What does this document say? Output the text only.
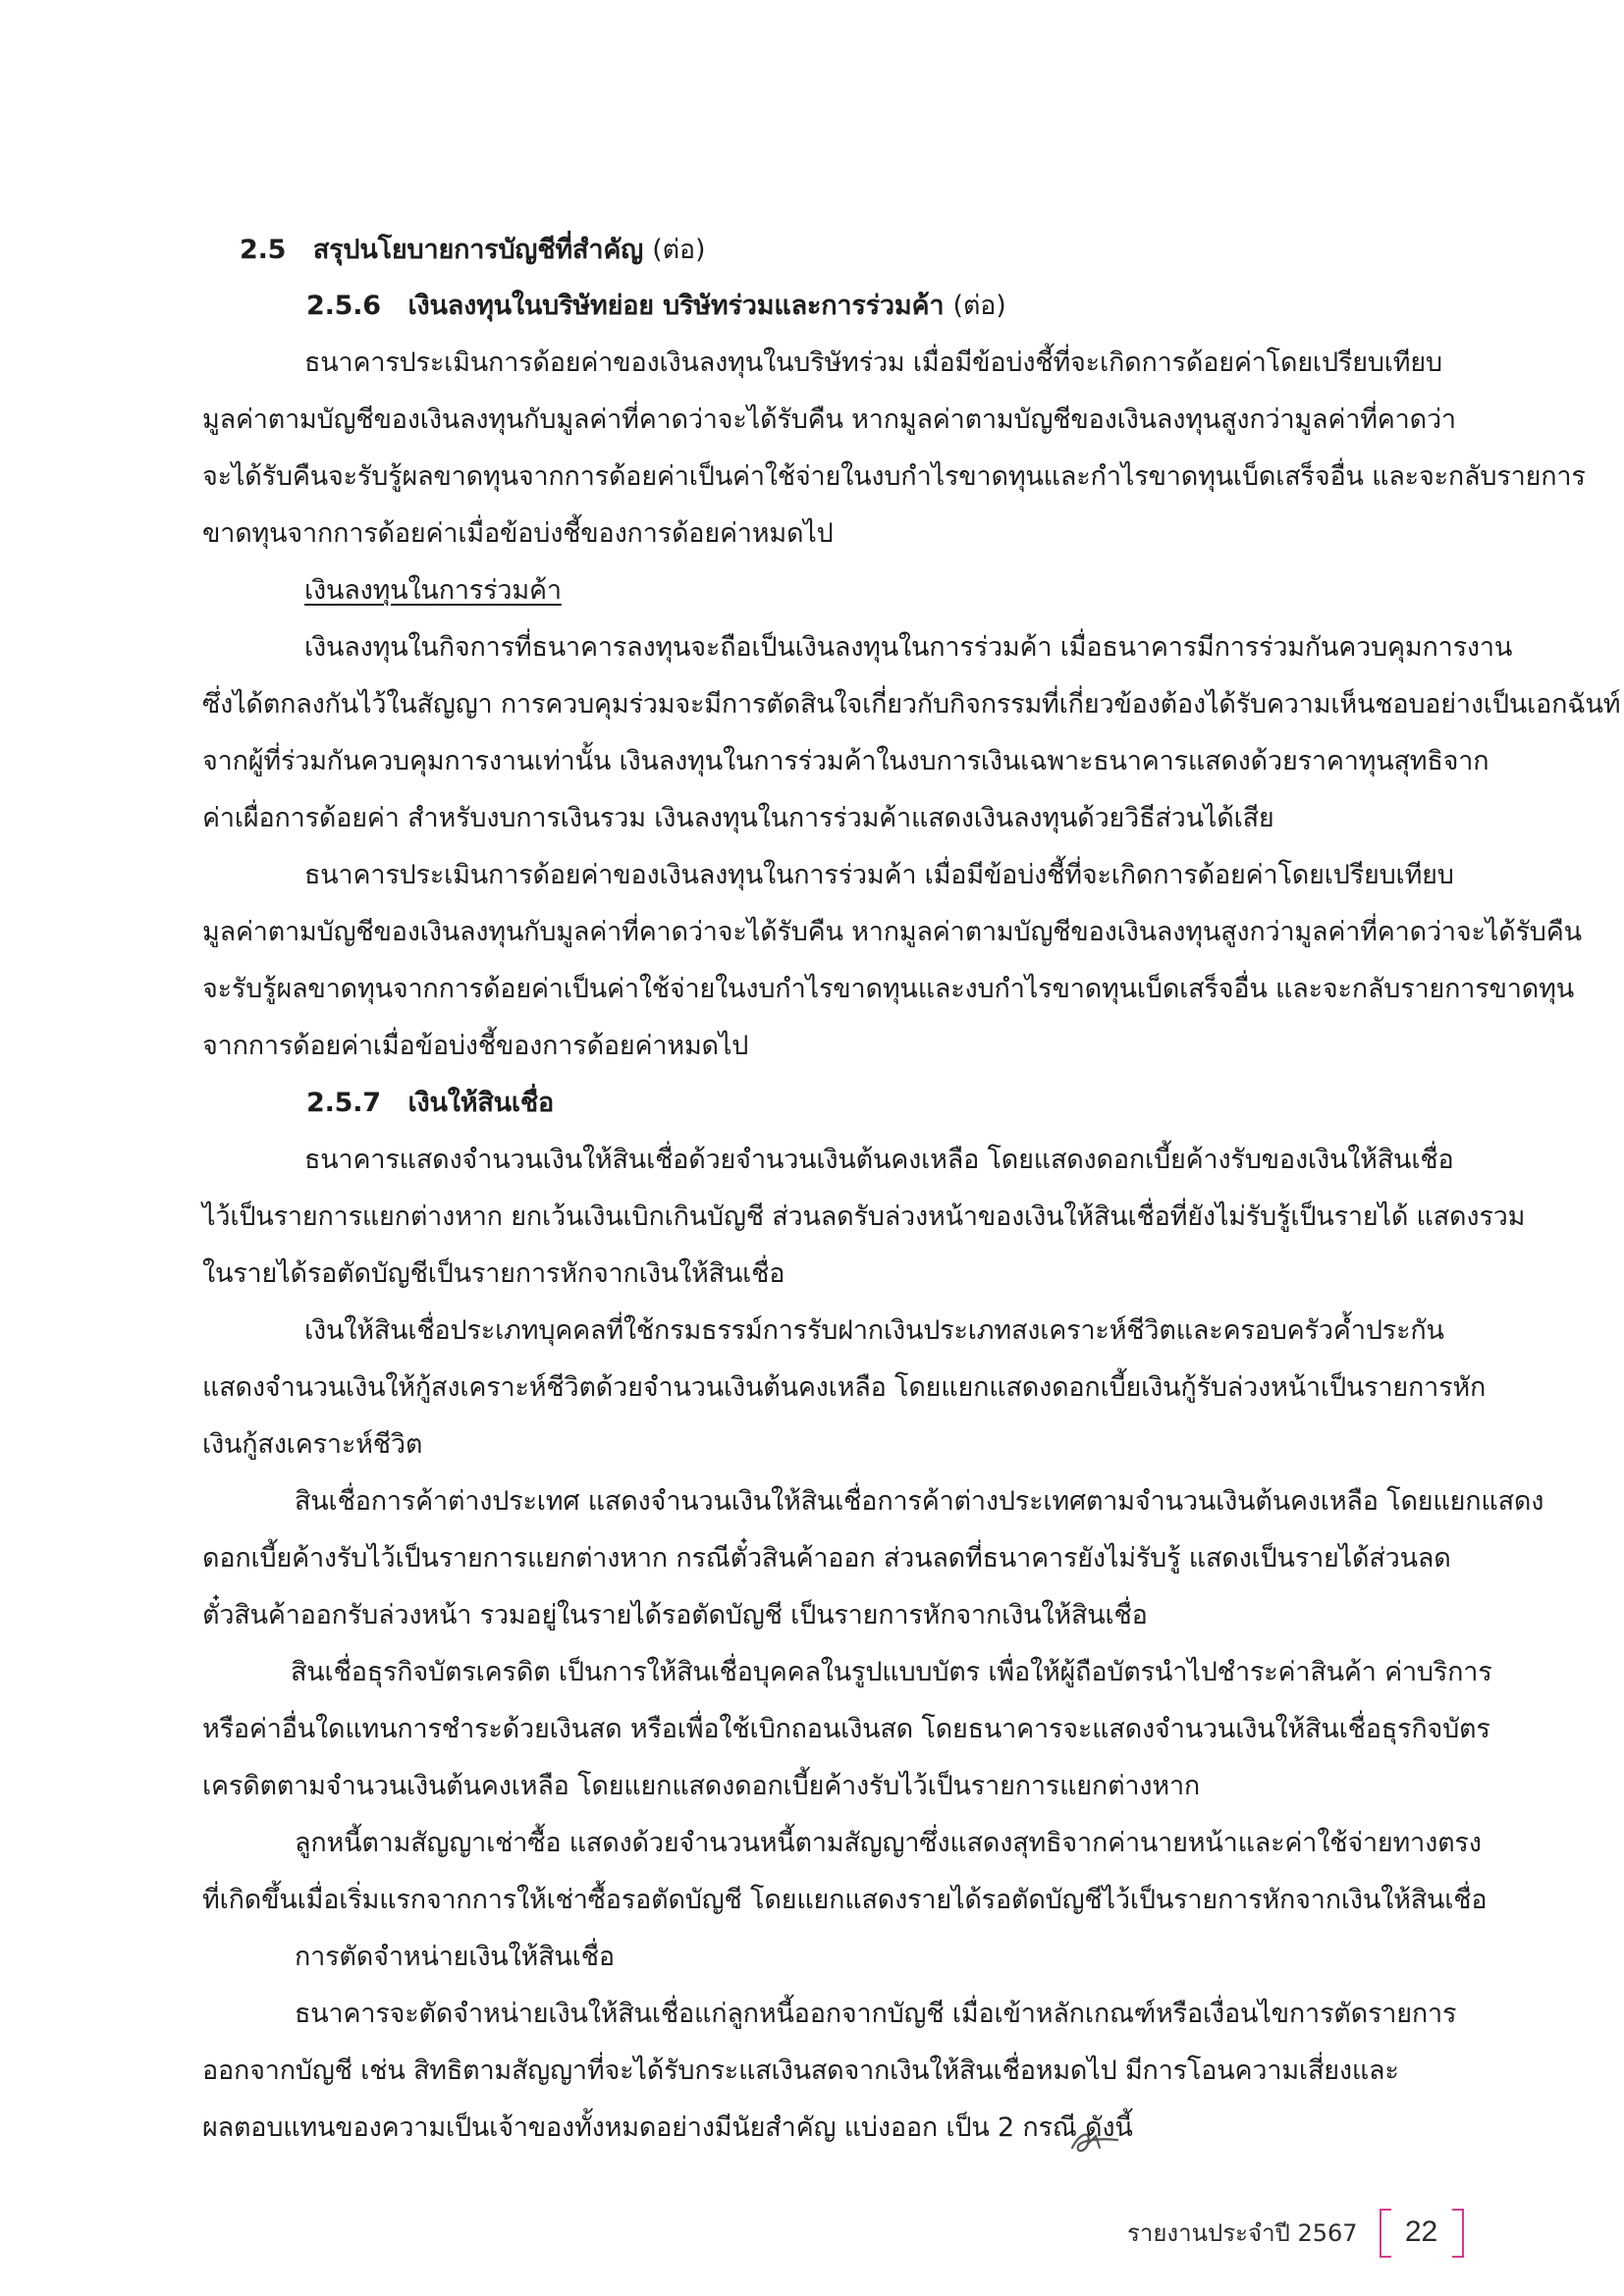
2.5 สรุปนโยบายการบัญชีที่สำคัญ (ต่อ)
2.5.6 เงินลงทุนในบริษัทย่อย บริษัทร่วมและการร่วมค้า (ต่อ)
ธนาคารประเมินการด้อยค่าของเงินลงทุนในบริษัทร่วม เมื่อมีข้อบ่งชี้ที่จะเกิดการด้อยค่าโดยเปรียบเทียบ
มูลค่าตามบัญชีของเงินลงทุนกับมูลค่าที่คาดว่าจะได้รับคืน หากมูลค่าตามบัญชีของเงินลงทุนสูงกว่ามูลค่าที่คาดว่า
จะได้รับคืนจะรับรู้ผลขาดทุนจากการด้อยค่าเป็นค่าใช้จ่ายในงบกำไรขาดทุนและกำไรขาดทุนเบ็ดเสร็จอื่น และจะกลับรายการ
ขาดทุนจากการด้อยค่าเมื่อข้อบ่งชี้ของการด้อยค่าหมดไป
เงินลงทุนในการร่วมค้า
เงินลงทุนในกิจการที่ธนาคารลงทุนจะถือเป็นเงินลงทุนในการร่วมค้า เมื่อธนาคารมีการร่วมกันควบคุมการงาน
ซึ่งได้ตกลงกันไว้ในสัญญา การควบคุมร่วมจะมีการตัดสินใจเกี่ยวกับกิจกรรมที่เกี่ยวข้องต้องได้รับความเห็นชอบอย่างเป็นเอกฉันท์
จากผู้ที่ร่วมกันควบคุมการงานเท่านั้น เงินลงทุนในการร่วมค้าในงบการเงินเฉพาะธนาคารแสดงด้วยราคาทุนสุทธิจาก
ค่าเผื่อการด้อยค่า สำหรับงบการเงินรวม เงินลงทุนในการร่วมค้าแสดงเงินลงทุนด้วยวิธีส่วนได้เสีย
ธนาคารประเมินการด้อยค่าของเงินลงทุนในการร่วมค้า เมื่อมีข้อบ่งชี้ที่จะเกิดการด้อยค่าโดยเปรียบเทียบ
มูลค่าตามบัญชีของเงินลงทุนกับมูลค่าที่คาดว่าจะได้รับคืน หากมูลค่าตามบัญชีของเงินลงทุนสูงกว่ามูลค่าที่คาดว่าจะได้รับคืน
จะรับรู้ผลขาดทุนจากการด้อยค่าเป็นค่าใช้จ่ายในงบกำไรขาดทุนและงบกำไรขาดทุนเบ็ดเสร็จอื่น และจะกลับรายการขาดทุน
จากการด้อยค่าเมื่อข้อบ่งชี้ของการด้อยค่าหมดไป
2.5.7 เงินให้สินเชื่อ
ธนาคารแสดงจำนวนเงินให้สินเชื่อด้วยจำนวนเงินต้นคงเหลือ โดยแสดงดอกเบี้ยค้างรับของเงินให้สินเชื่อ
ไว้เป็นรายการแยกต่างหาก ยกเว้นเงินเบิกเกินบัญชี ส่วนลดรับล่วงหน้าของเงินให้สินเชื่อที่ยังไม่รับรู้เป็นรายได้ แสดงรวม
ในรายได้รอตัดบัญชีเป็นรายการหักจากเงินให้สินเชื่อ
เงินให้สินเชื่อประเภทบุคคลที่ใช้กรมธรรม์การรับฝากเงินประเภทสงเคราะห์ชีวิตและครอบครัวค้ำประกัน
แสดงจำนวนเงินให้กู้สงเคราะห์ชีวิตด้วยจำนวนเงินต้นคงเหลือ โดยแยกแสดงดอกเบี้ยเงินกู้รับล่วงหน้าเป็นรายการหัก
เงินกู้สงเคราะห์ชีวิต
สินเชื่อการค้าต่างประเทศ แสดงจำนวนเงินให้สินเชื่อการค้าต่างประเทศตามจำนวนเงินต้นคงเหลือ โดยแยกแสดง
ดอกเบี้ยค้างรับไว้เป็นรายการแยกต่างหาก กรณีตั๋วสินค้าออก ส่วนลดที่ธนาคารยังไม่รับรู้ แสดงเป็นรายได้ส่วนลด
ตั๋วสินค้าออกรับล่วงหน้า รวมอยู่ในรายได้รอตัดบัญชี เป็นรายการหักจากเงินให้สินเชื่อ
สินเชื่อธุรกิจบัตรเครดิต เป็นการให้สินเชื่อบุคคลในรูปแบบบัตร เพื่อให้ผู้ถือบัตรนำไปชำระค่าสินค้า ค่าบริการ
หรือค่าอื่นใดแทนการชำระด้วยเงินสด หรือเพื่อใช้เบิกถอนเงินสด โดยธนาคารจะแสดงจำนวนเงินให้สินเชื่อธุรกิจบัตร
เครดิตตามจำนวนเงินต้นคงเหลือ โดยแยกแสดงดอกเบี้ยค้างรับไว้เป็นรายการแยกต่างหาก
ลูกหนี้ตามสัญญาเช่าซื้อ แสดงด้วยจำนวนหนี้ตามสัญญาซึ่งแสดงสุทธิจากค่านายหน้าและค่าใช้จ่ายทางตรง
ที่เกิดขึ้นเมื่อเริ่มแรกจากการให้เช่าซื้อรอตัดบัญชี โดยแยกแสดงรายได้รอตัดบัญชีไว้เป็นรายการหักจากเงินให้สินเชื่อ
การตัดจำหน่ายเงินให้สินเชื่อ
ธนาคารจะตัดจำหน่ายเงินให้สินเชื่อแก่ลูกหนี้ออกจากบัญชี เมื่อเข้าหลักเกณฑ์หรือเงื่อนไขการตัดรายการ
ออกจากบัญชี เช่น สิทธิตามสัญญาที่จะได้รับกระแสเงินสดจากเงินให้สินเชื่อหมดไป มีการโอนความเสี่ยงและ
ผลตอบแทนของความเป็นเจ้าของทั้งหมดอย่างมีนัยสำคัญ แบ่งออก เป็น 2 กรณี ดังนี้
รายงานประจำปี 2567 22
